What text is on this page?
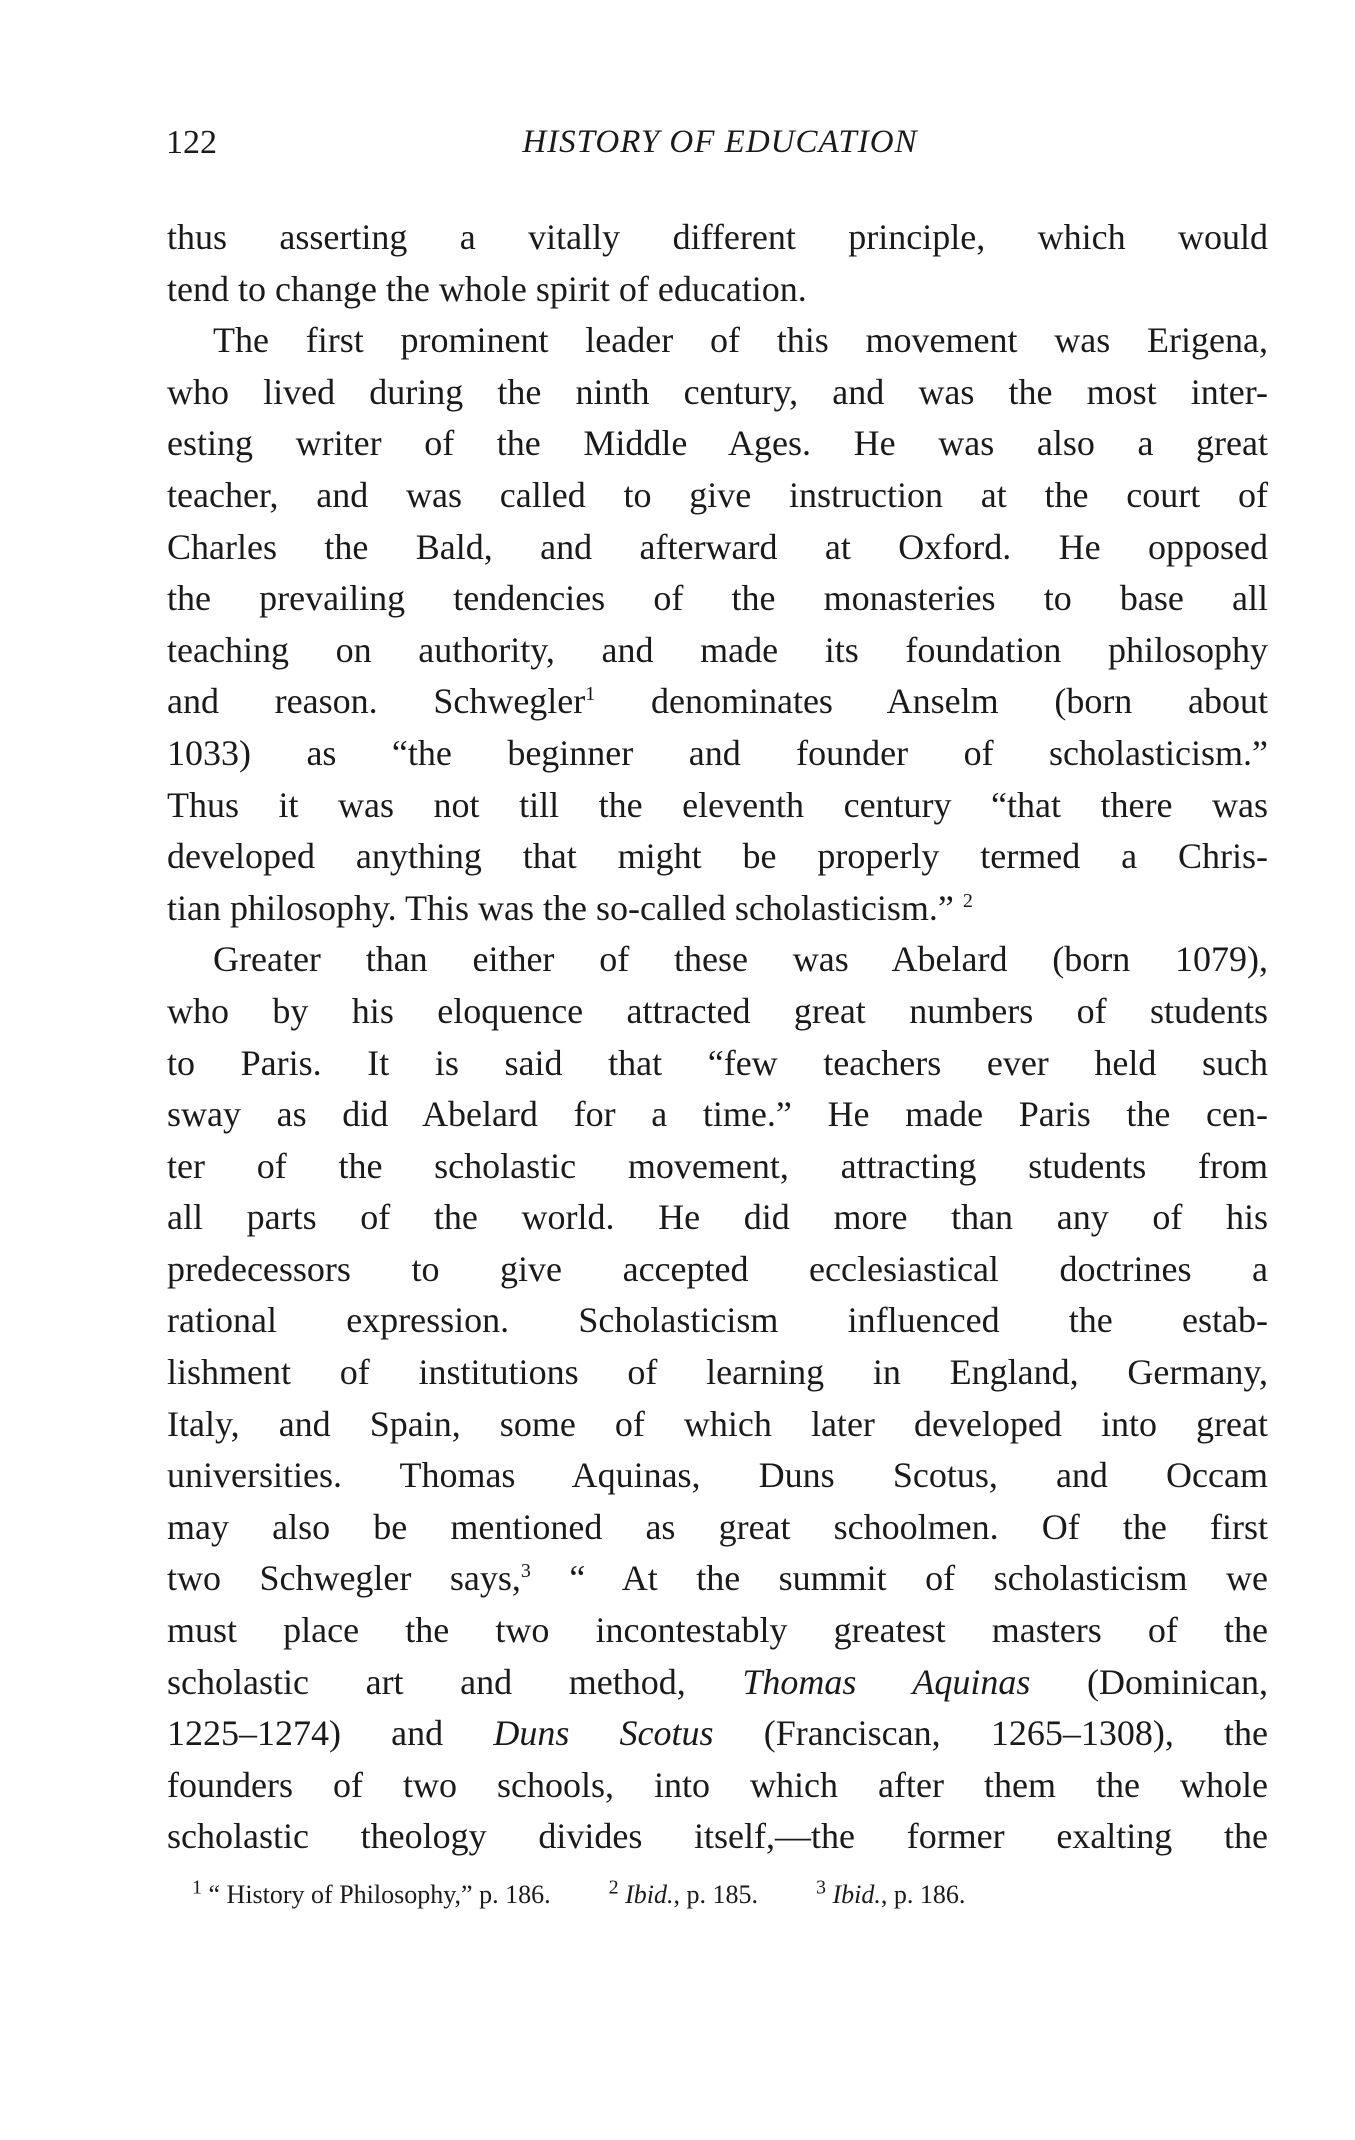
122	HISTORY OF EDUCATION
thus asserting a vitally different principle, which would
tend to change the whole spirit of education.
The first prominent leader of this movement was Erigena,
who lived during the ninth century, and was the most inter-
esting writer of the Middle Ages. He was also a great
teacher, and was called to give instruction at the court of
Charles the Bald, and afterward at Oxford. He opposed
the prevailing tendencies of the monasteries to base all
teaching on authority, and made its foundation philosophy
and reason. Schwegler$^1$ denominates Anselm (born about
1033) as “the beginner and founder of scholasticism.”
Thus it was not till the eleventh century “that there was
developed anything that might be properly termed a Chris-
tian philosophy. This was the so-called scholasticism.” $^2$
Greater than either of these was Abelard (born 1079),
who by his eloquence attracted great numbers of students
to Paris. It is said that “few teachers ever held such
sway as did Abelard for a time.” He made Paris the cen-
ter of the scholastic movement, attracting students from
all parts of the world. He did more than any of his
predecessors to give accepted ecclesiastical doctrines a
rational expression. Scholasticism influenced the estab-
lishment of institutions of learning in England, Germany,
Italy, and Spain, some of which later developed into great
universities. Thomas Aquinas, Duns Scotus, and Occam
may also be mentioned as great schoolmen. Of the first
two Schwegler says,$^3$ “ At the summit of scholasticism we
must place the two incontestably greatest masters of the
scholastic art and method, Thomas Aquinas (Dominican,
1225–1274) and Duns Scotus (Franciscan, 1265–1308), the
founders of two schools, into which after them the whole
scholastic theology divides itself,—the former exalting the
$^1$ “ History of Philosophy,” p. 186.	$^2$ Ibid., p. 185.	$^3$ Ibid., p. 186.
